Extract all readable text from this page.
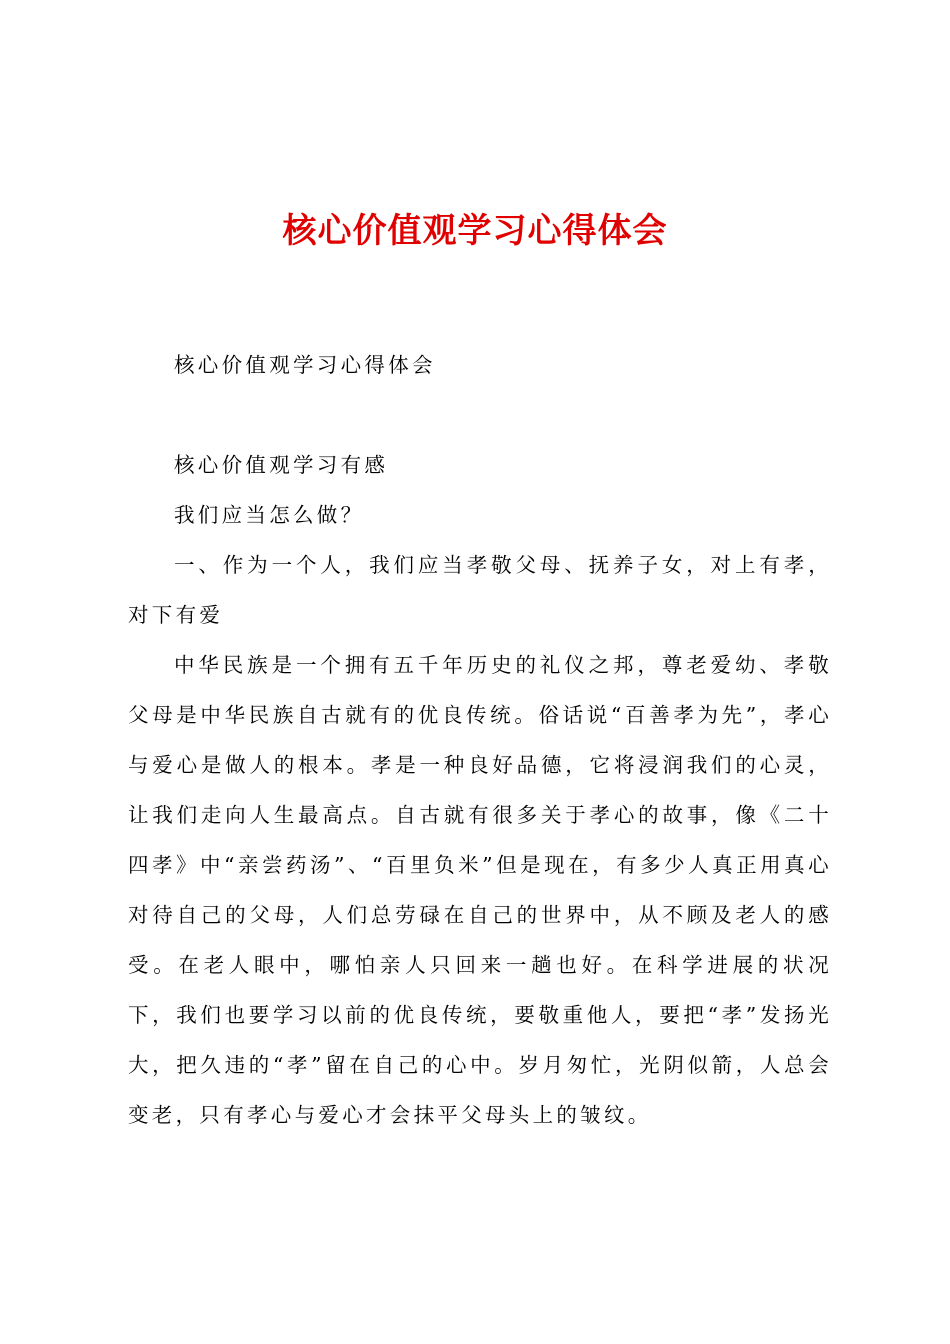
核心价值观学习心得体会

核心价值观学习心得体会

核心价值观学习有感

我们应当怎么做？

一、作为一个人，我们应当孝敬父母、抚养子女，对上有孝，对下有爱

中华民族是一个拥有五千年历史的礼仪之邦，尊老爱幼、孝敬父母是中华民族自古就有的优良传统。俗话说“百善孝为先”，孝心与爱心是做人的根本。孝是一种良好品德，它将浸润我们的心灵，让我们走向人生最高点。自古就有很多关于孝心的故事，像《二十四孝》中“亲尝药汤”、“百里负米”但是现在，有多少人真正用真心对待自己的父母，人们总劳碌在自己的世界中，从不顾及老人的感受。在老人眼中，哪怕亲人只回来一趟也好。在科学进展的状况下，我们也要学习以前的优良传统，要敬重他人，要把“孝”发扬光大，把久违的“孝”留在自己的心中。岁月匆忙，光阴似箭，人总会变老，只有孝心与爱心才会抹平父母头上的皱纹。
